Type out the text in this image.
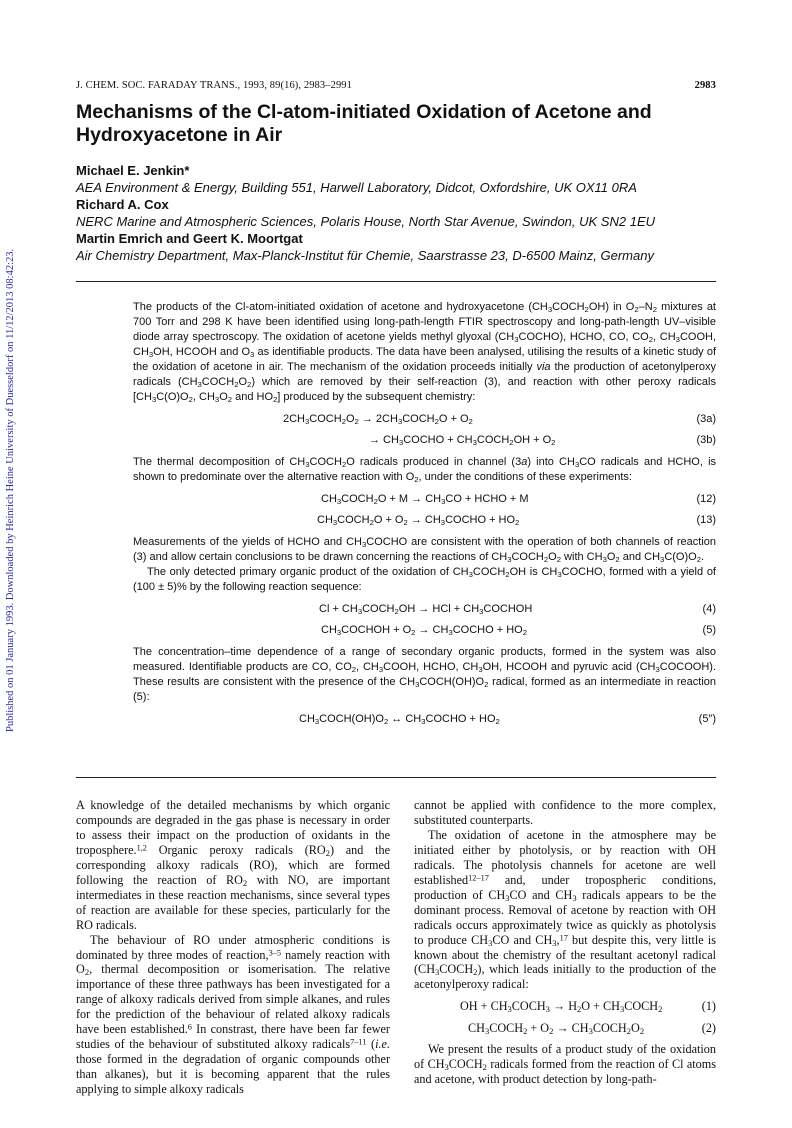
Published on 01 January 1993. Downloaded by Heinrich Heine University of Duesseldorf on 11/12/2013 08:42:23.
J. CHEM. SOC. FARADAY TRANS., 1993, 89(16), 2983–2991	2983
Mechanisms of the Cl-atom-initiated Oxidation of Acetone and Hydroxyacetone in Air
Michael E. Jenkin*
AEA Environment & Energy, Building 551, Harwell Laboratory, Didcot, Oxfordshire, UK OX11 0RA
Richard A. Cox
NERC Marine and Atmospheric Sciences, Polaris House, North Star Avenue, Swindon, UK SN2 1EU
Martin Emrich and Geert K. Moortgat
Air Chemistry Department, Max-Planck-Institut für Chemie, Saarstrasse 23, D-6500 Mainz, Germany

The products of the Cl-atom-initiated oxidation of acetone and hydroxyacetone $(CH_3COCH_2OH)$ in $O_2-N_2$ mixtures at 700 Torr and 298 K have been identified using long-path-length FTIR spectroscopy and long-path-length UV–visible diode array spectroscopy. The oxidation of acetone yields methyl glyoxal $(CH_3COCHO)$, HCHO, CO, $CO_2$, $CH_3COOH$, $CH_3OH$, HCOOH and $O_3$ as identifiable products. The data have been analysed, utilising the results of a kinetic study of the oxidation of acetone in air. The mechanism of the oxidation proceeds initially via the production of acetonylperoxy radicals $(CH_3COCH_2O_2)$ which are removed by their self-reaction (3), and reaction with other peroxy radicals [$CH_3C(O)O_2$, $CH_3O_2$ and $HO_2$] produced by the subsequent chemistry:

$2CH_3COCH_2O_2$ → $2CH_3COCH_2O + O_2$	(3a)
→ $CH_3COCHO$ + $CH_3COCH_2OH + O_2$	(3b)

The thermal decomposition of $CH_3COCH_2O$ radicals produced in channel (3a) into $CH_3CO$ radicals and HCHO, is shown to predominate over the alternative reaction with $O_2$, under the conditions of these experiments:

$CH_3COCH_2O + M \to CH_3CO$ + HCHO + M	(12)
$CH_3COCH_2O + O_2$ → $CH_3COCHO + HO_2$	(13)

Measurements of the yields of HCHO and $CH_3COCHO$ are consistent with the operation of both channels of reaction (3) and allow certain conclusions to be drawn concerning the reactions of $CH_3COCH_2O_2$ with $CH_3O_2$ and $CH_3C(O)O_2$.

The only detected primary organic product of the oxidation of $CH_3COCH_2OH$ is $CH_3COCHO$, formed with a yield of (100 ± 5)% by the following reaction sequence:

$Cl + CH_3COCH_2OH$ → HCl + $CH_3COCHOH$	(4)
$CH_3COCHOH + O_2$ → $CH_3COCHO + HO_2$	(5)

The concentration–time dependence of a range of secondary organic products, formed in the system was also measured. Identifiable products are CO, $CO_2$, $CH_3COOH$, HCHO, $CH_3OH$, HCOOH and pyruvic acid $(CH_3COCOOH)$. These results are consistent with the presence of the $CH_3COCH(OH)O_2$ radical, formed as an intermediate in reaction (5):

$CH_3COCH(OH)O_2$ ↔ $CH_3COCHO + HO_2$	(5″)

A knowledge of the detailed mechanisms by which organic compounds are degraded in the gas phase is necessary in order to assess their impact on the production of oxidants in the troposphere.$^{1,2}$ Organic peroxy radicals $(RO_2)$ and the corresponding alkoxy radicals (RO), which are formed following the reaction of $RO_2$ with NO, are important intermediates in these reaction mechanisms, since several types of reaction are available for these species, particularly for the RO radicals.

The behaviour of RO under atmospheric conditions is dominated by three modes of reaction,$^{3-5}$ namely reaction with $O_2$, thermal decomposition or isomerisation. The relative importance of these three pathways has been investigated for a range of alkoxy radicals derived from simple alkanes, and rules for the prediction of the behaviour of related alkoxy radicals have been established.$^6$ In constrast, there have been far fewer studies of the behaviour of substituted alkoxy radicals$^{7-11}$ (i.e. those formed in the degradation of organic compounds other than alkanes), but it is becoming apparent that the rules applying to simple alkoxy radicals

cannot be applied with confidence to the more complex, substituted counterparts.

The oxidation of acetone in the atmosphere may be initiated either by photolysis, or by reaction with OH radicals. The photolysis channels for acetone are well established$^{12-17}$ and, under tropospheric conditions, production of $CH_3CO$ and $CH_3$ radicals appears to be the dominant process. Removal of acetone by reaction with OH radicals occurs approximately twice as quickly as photolysis to produce $CH_3CO$ and $CH_3,^{17}$ but despite this, very little is known about the chemistry of the resultant acetonyl radical $(CH_3COCH_2)$, which leads initially to the production of the acetonylperoxy radical:

OH + $CH_3COCH_3 \to H_2O$ + $CH_3COCH_2$	(1)
$CH_3COCH_2 + O_2$ → $CH_3COCH_2O_2$	(2)

We present the results of a product study of the oxidation of $CH_3COCH_2$ radicals formed from the reaction of Cl atoms and acetone, with product detection by long-path-
